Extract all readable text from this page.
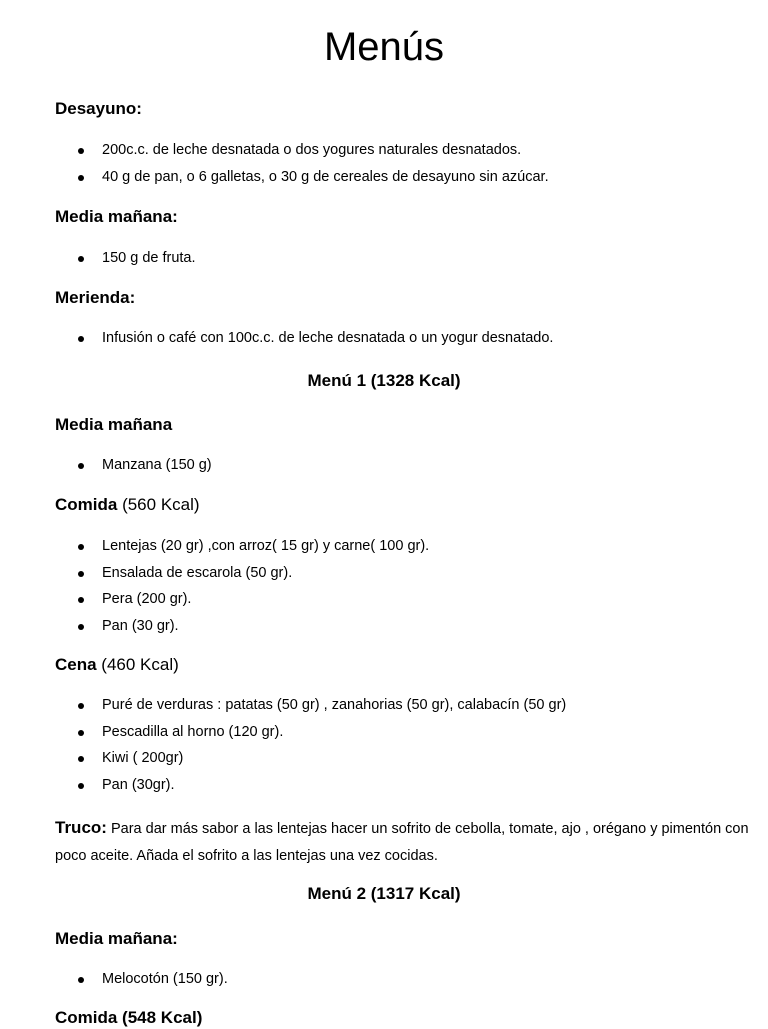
Menús
Desayuno:
200c.c. de leche desnatada o dos yogures naturales desnatados.
40 g de pan, o 6 galletas, o 30 g de cereales de desayuno sin azúcar.
Media mañana:
150 g de fruta.
Merienda:
Infusión o café con 100c.c. de leche desnatada o un yogur desnatado.
Menú 1 (1328 Kcal)
Media mañana
Manzana (150 g)
Comida (560 Kcal)
Lentejas (20 gr) ,con arroz( 15 gr) y carne( 100 gr).
Ensalada de escarola (50 gr).
Pera (200 gr).
Pan (30 gr).
Cena (460 Kcal)
Puré de verduras : patatas (50 gr) , zanahorias (50 gr), calabacín (50 gr)
Pescadilla al horno (120 gr).
Kiwi ( 200gr)
Pan (30gr).
Truco: Para dar más sabor a las lentejas hacer un sofrito de cebolla, tomate, ajo , orégano y pimentón con poco aceite. Añada el sofrito a las lentejas una vez cocidas.
Menú 2 (1317 Kcal)
Media mañana:
Melocotón (150 gr).
Comida (548 Kcal)
